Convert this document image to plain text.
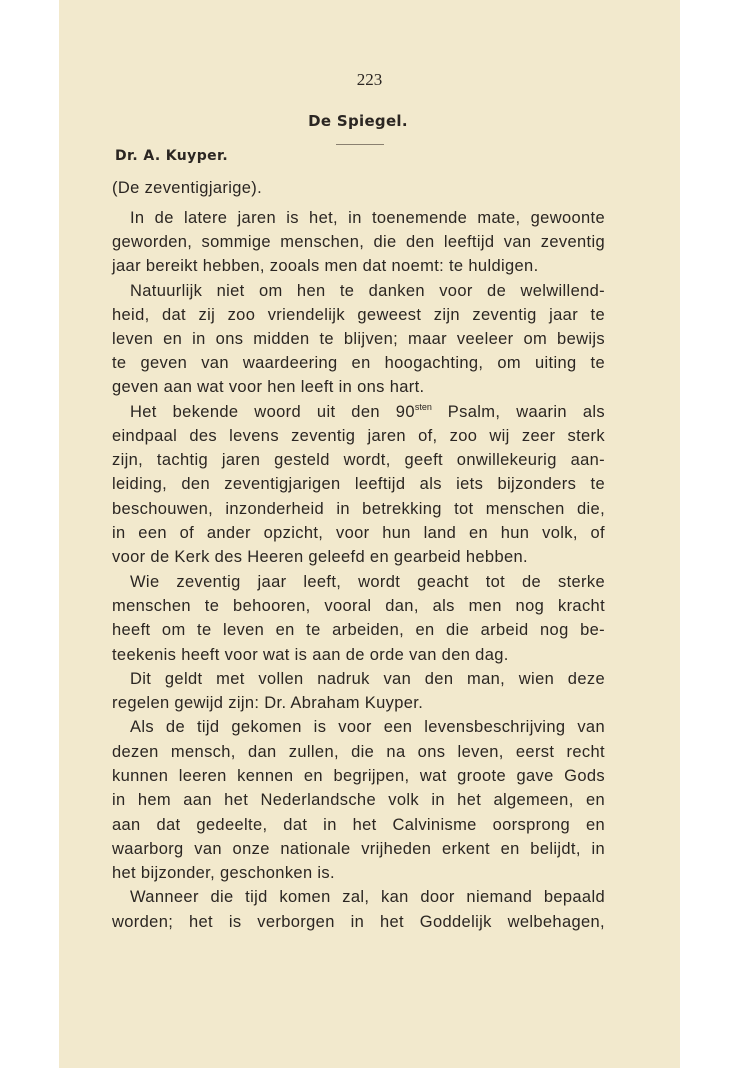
223
De Spiegel.
Dr. A. Kuyper.
(De zeventigjarige).
In de latere jaren is het, in toenemende mate, gewoonte
geworden, sommige menschen, die den leeftijd van zeventig
jaar bereikt hebben, zooals men dat noemt: te huldigen.
Natuurlijk niet om hen te danken voor de welwillend-
heid, dat zij zoo vriendelijk geweest zijn zeventig jaar te
leven en in ons midden te blijven; maar veeleer om bewijs
te geven van waardeering en hoogachting, om uiting te
geven aan wat voor hen leeft in ons hart.
Het bekende woord uit den $90^{sten}$ Psalm, waarin als
eindpaal des levens zeventig jaren of, zoo wij zeer sterk
zijn, tachtig jaren gesteld wordt, geeft onwillekeurig aan-
leiding, den zeventigjarigen leeftijd als iets bijzonders te
beschouwen, inzonderheid in betrekking tot menschen die,
in een of ander opzicht, voor hun land en hun volk, of
voor de Kerk des Heeren geleefd en gearbeid hebben.
Wie zeventig jaar leeft, wordt geacht tot de sterke
menschen te behooren, vooral dan, als men nog kracht
heeft om te leven en te arbeiden, en die arbeid nog be-
teekenis heeft voor wat is aan de orde van den dag.
Dit geldt met vollen nadruk van den man, wien deze
regelen gewijd zijn: Dr. Abraham Kuyper.
Als de tijd gekomen is voor een levensbeschrijving van
dezen mensch, dan zullen, die na ons leven, eerst recht
kunnen leeren kennen en begrijpen, wat groote gave Gods
in hem aan het Nederlandsche volk in het algemeen, en
aan dat gedeelte, dat in het Calvinisme oorsprong en
waarborg van onze nationale vrijheden erkent en belijdt, in
het bijzonder, geschonken is.
Wanneer die tijd komen zal, kan door niemand bepaald
worden; het is verborgen in het Goddelijk welbehagen,
